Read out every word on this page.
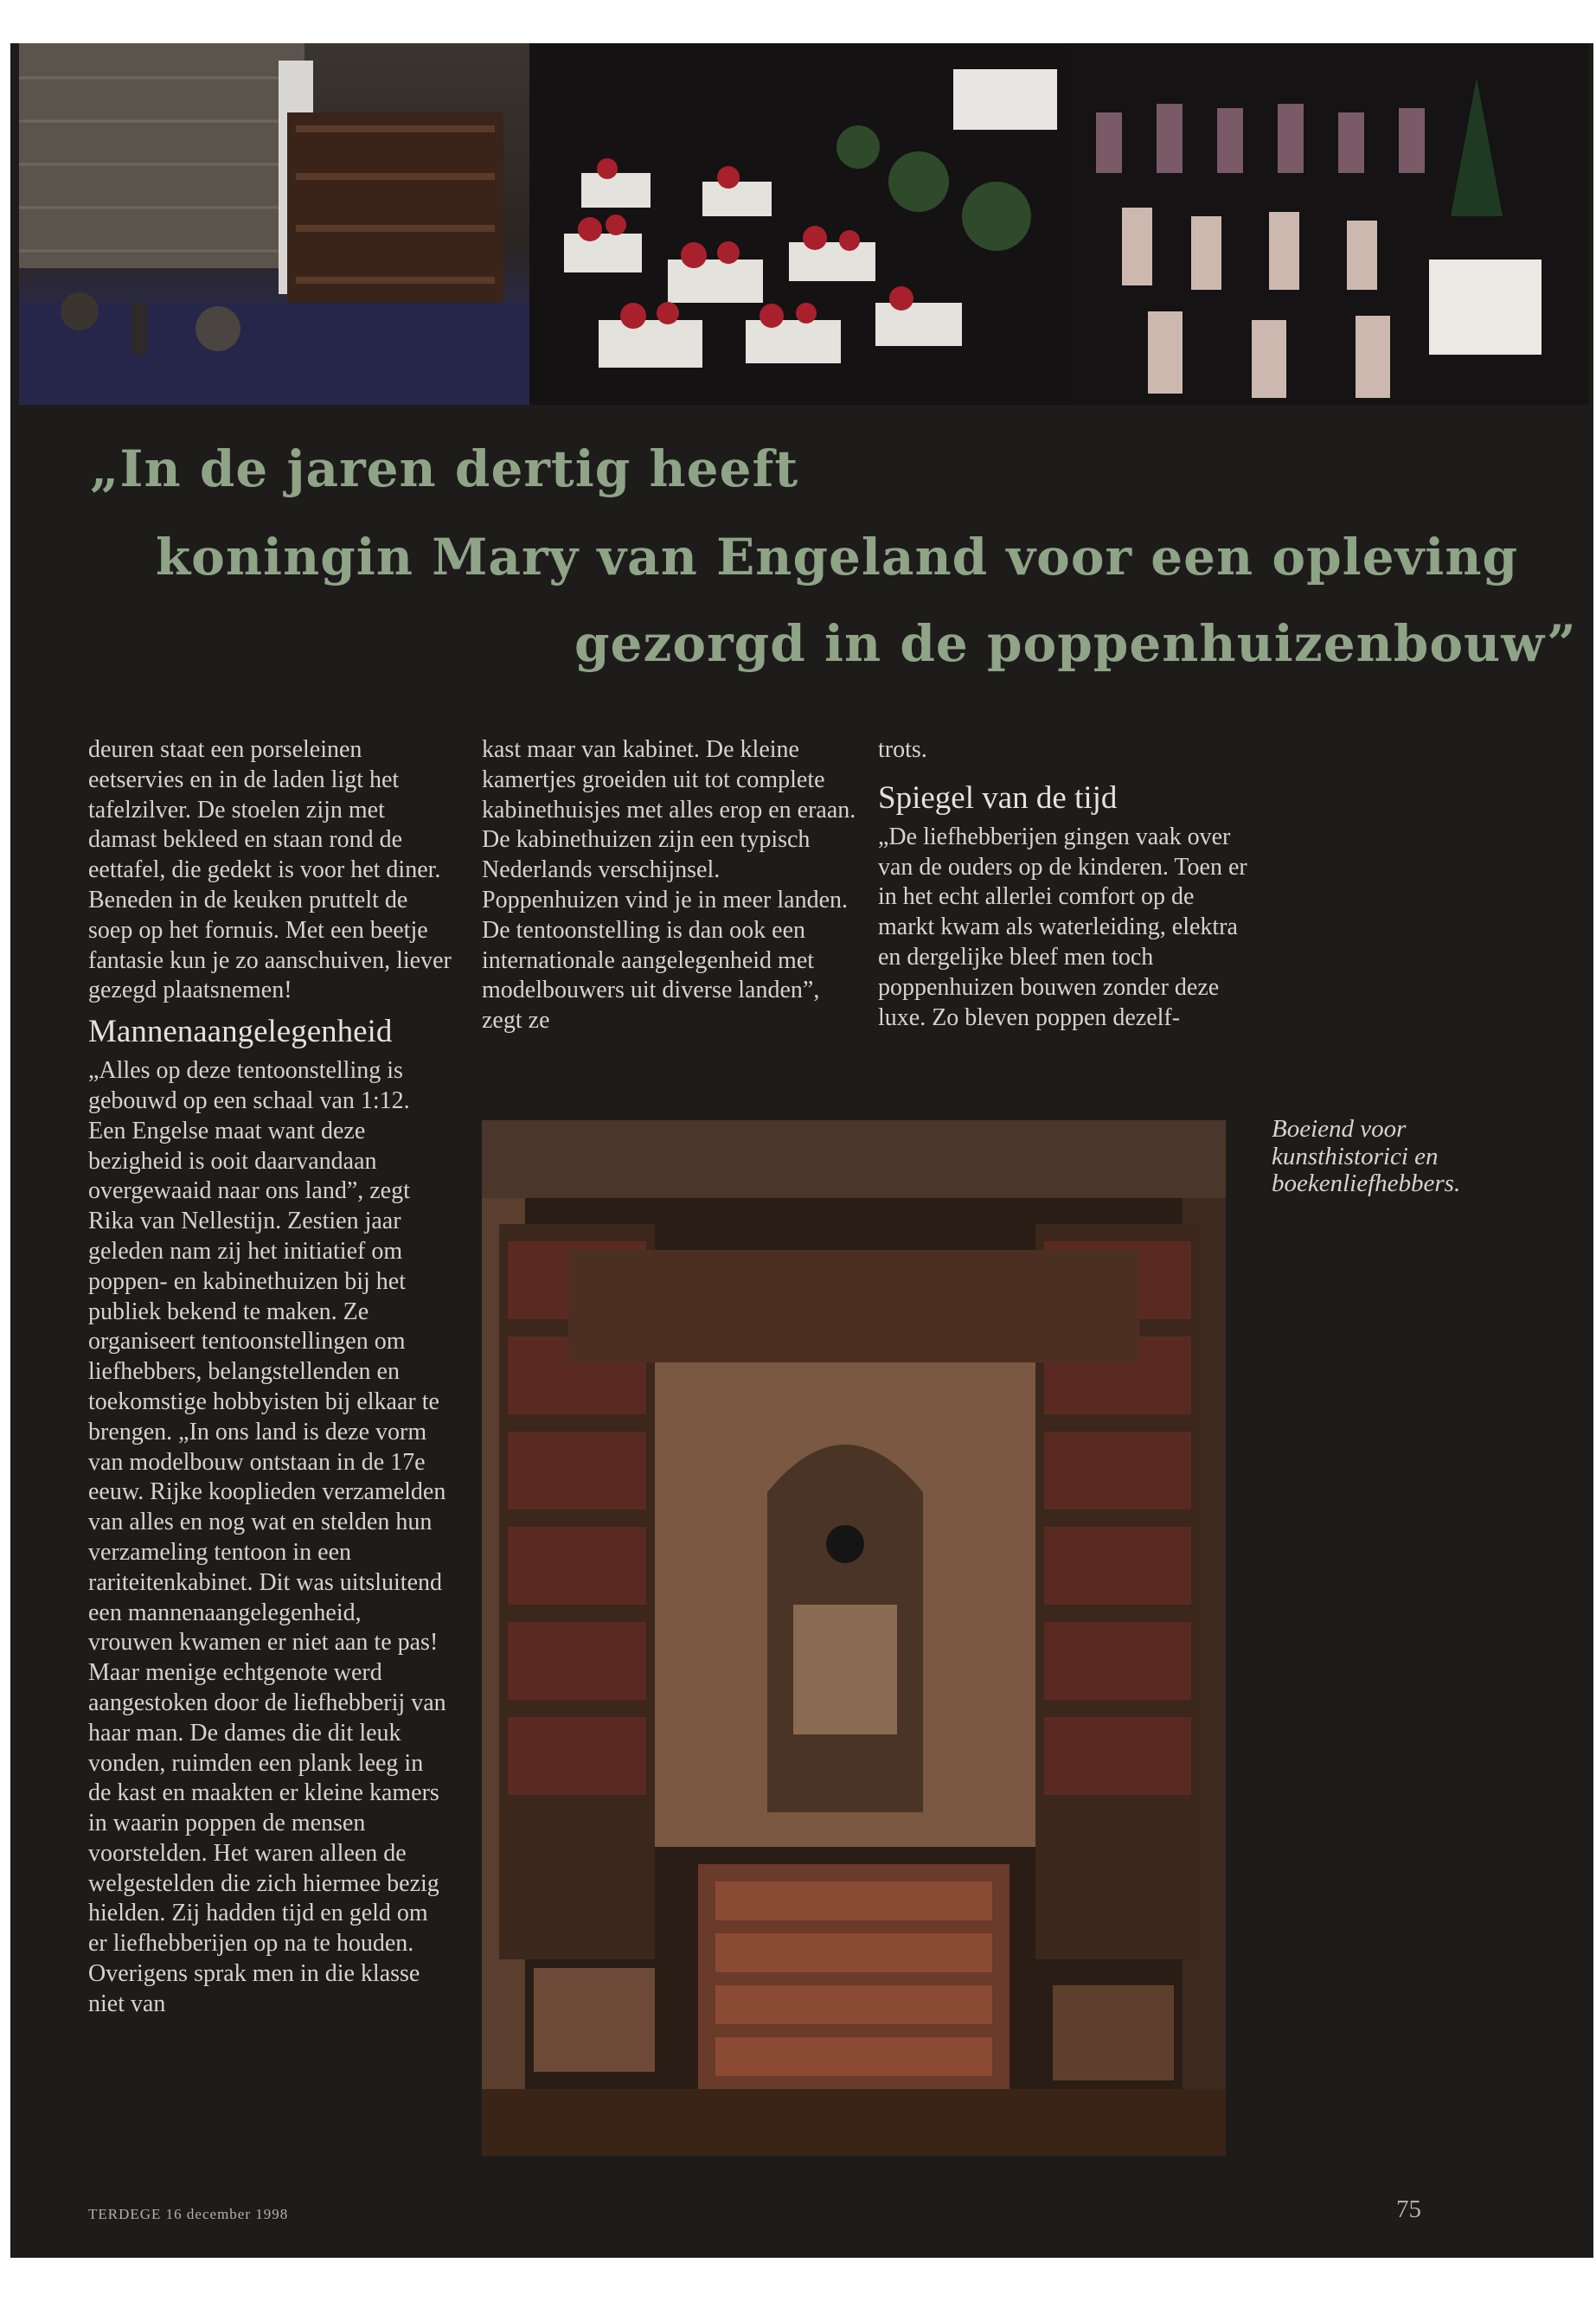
„In de jaren dertig heeft
koningin Mary van Engeland voor een opleving
gezorgd in de poppenhuizenbouw”

deuren staat een porseleinen eetservies en in de laden ligt het tafelzilver. De stoelen zijn met damast bekleed en staan rond de eettafel, die gedekt is voor het diner. Beneden in de keuken pruttelt de soep op het fornuis. Met een beetje fantasie kun je zo aanschuiven, liever gezegd plaatsnemen!

Mannenaangelegenheid

„Alles op deze tentoonstelling is gebouwd op een schaal van 1:12. Een Engelse maat want deze bezigheid is ooit daarvandaan overgewaaid naar ons land”, zegt Rika van Nellestijn. Zestien jaar geleden nam zij het initiatief om poppen- en kabinethuizen bij het publiek bekend te maken. Ze organiseert tentoonstellingen om liefhebbers, belangstellenden en toekomstige hobbyisten bij elkaar te brengen. „In ons land is deze vorm van modelbouw ontstaan in de 17e eeuw. Rijke kooplieden verzamelden van alles en nog wat en stelden hun verzameling tentoon in een rariteitenkabinet. Dit was uitsluitend een mannenaangelegenheid, vrouwen kwamen er niet aan te pas! Maar menige echtgenote werd aangestoken door de liefhebberij van haar man. De dames die dit leuk vonden, ruimden een plank leeg in de kast en maakten er kleine kamers in waarin poppen de mensen voorstelden. Het waren alleen de welgestelden die zich hiermee bezig hielden. Zij hadden tijd en geld om er liefhebberijen op na te houden. Overigens sprak men in die klasse niet van

kast maar van kabinet. De kleine kamertjes groeiden uit tot complete kabinethuisjes met alles erop en eraan. De kabinethuizen zijn een typisch Nederlands verschijnsel. Poppenhuizen vind je in meer landen. De tentoonstelling is dan ook een internationale aangelegenheid met modelbouwers uit diverse landen”, zegt ze

trots.

Spiegel van de tijd

„De liefhebberijen gingen vaak over van de ouders op de kinderen. Toen er in het echt allerlei comfort op de markt kwam als waterleiding, elektra en dergelijke bleef men toch poppenhuizen bouwen zonder deze luxe. Zo bleven poppen dezelf-

Boeiend voor kunsthistorici en boekenliefhebbers.
TERDEGE 16 december 1998	75
